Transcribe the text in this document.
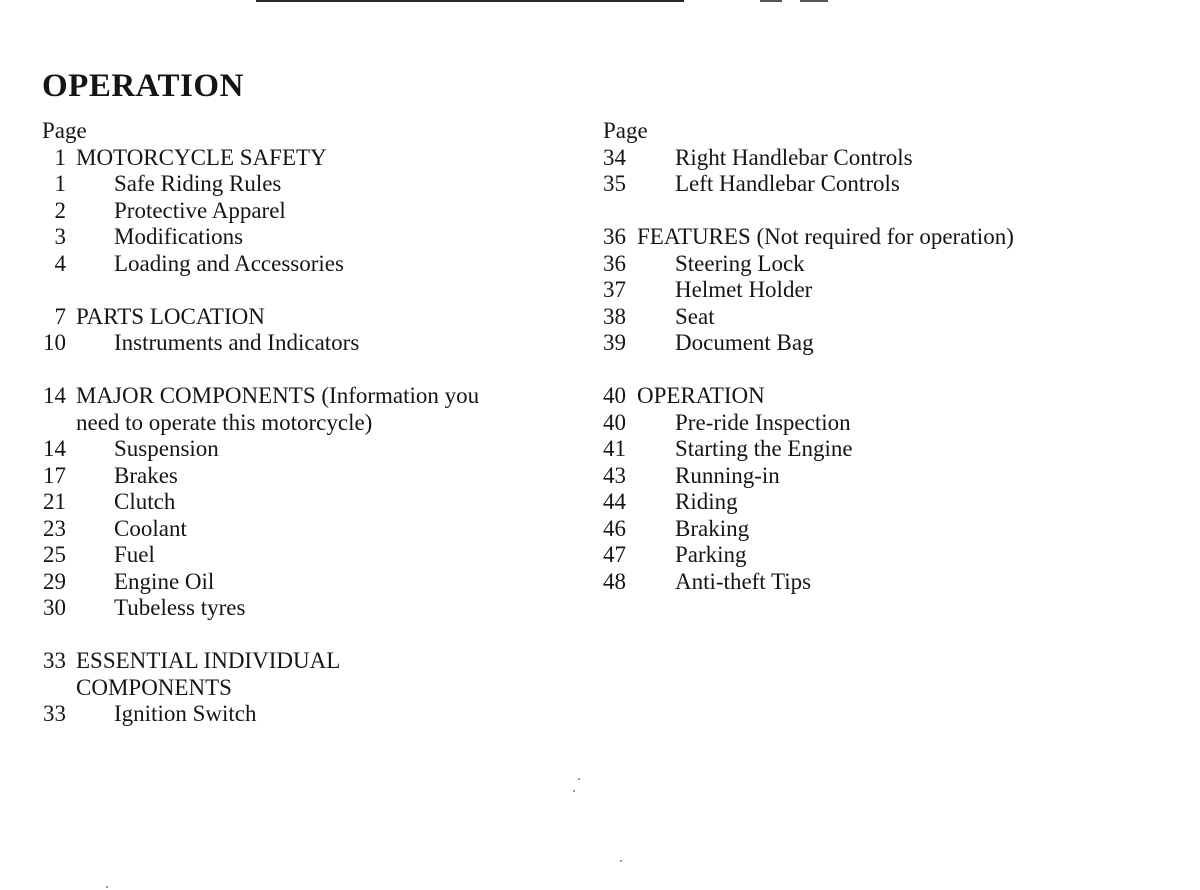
OPERATION
Page
1 MOTORCYCLE SAFETY
1 Safe Riding Rules
2 Protective Apparel
3 Modifications
4 Loading and Accessories
7 PARTS LOCATION
10 Instruments and Indicators
14 MAJOR COMPONENTS (Information you
need to operate this motorcycle)
14 Suspension
17 Brakes
21 Clutch
23 Coolant
25 Fuel
29 Engine Oil
30 Tubeless tyres
33 ESSENTIAL INDIVIDUAL
COMPONENTS
33 Ignition Switch
Page
34 Right Handlebar Controls
35 Left Handlebar Controls
36 FEATURES (Not required for operation)
36 Steering Lock
37 Helmet Holder
38 Seat
39 Document Bag
40 OPERATION
40 Pre-ride Inspection
41 Starting the Engine
43 Running-in
44 Riding
46 Braking
47 Parking
48 Anti-theft Tips
